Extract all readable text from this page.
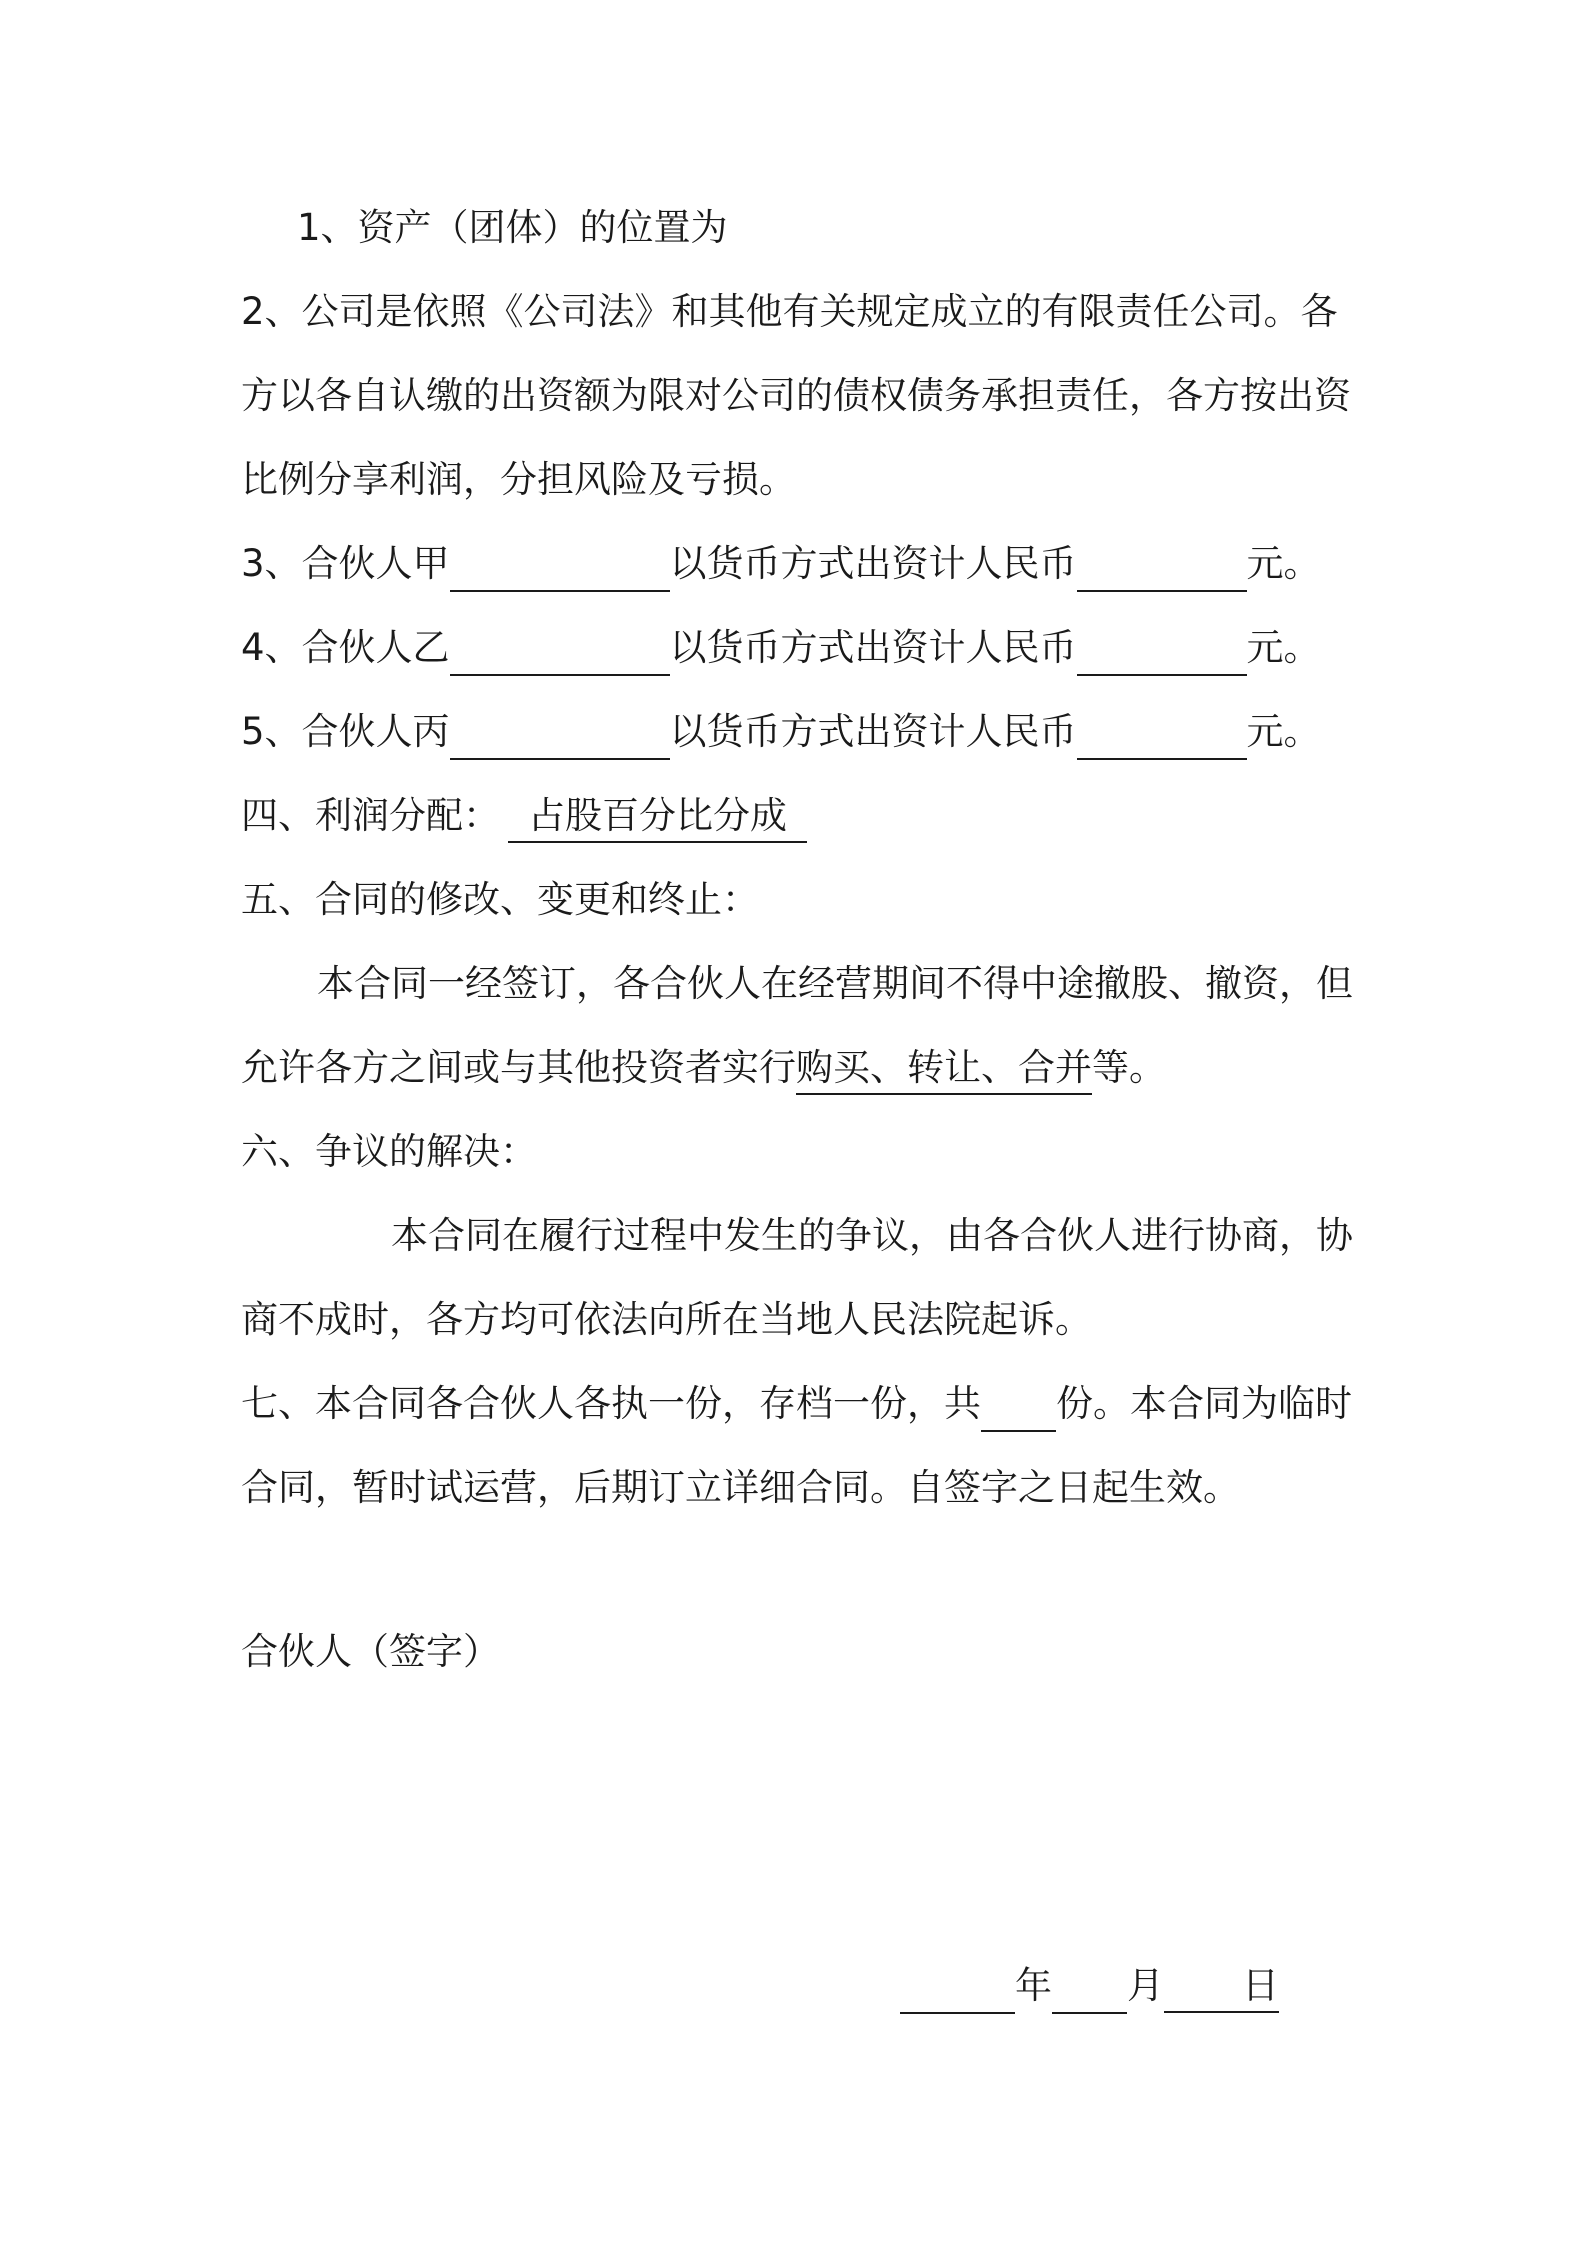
1、资产（团体）的位置为
2、公司是依照《公司法》和其他有关规定成立的有限责任公司。各
方以各自认缴的出资额为限对公司的债权债务承担责任，各方按出资
比例分享利润，分担风险及亏损。
3、合伙人甲	以货币方式出资计人民币	元。
4、合伙人乙	以货币方式出资计人民币	元。
5、合伙人丙	以货币方式出资计人民币	元。
四、利润分配： 占股百分比分成
五、合同的修改、变更和终止：
本合同一经签订，各合伙人在经营期间不得中途撤股、撤资，但
允许各方之间或与其他投资者实行购买、转让、合并等。
六、争议的解决：
本合同在履行过程中发生的争议，由各合伙人进行协商，协
商不成时，各方均可依法向所在当地人民法院起诉。
七、本合同各合伙人各执一份，存档一份，共 份。本合同为临时
合同，暂时试运营，后期订立详细合同。自签字之日起生效。
合伙人（签字）
年 月 日
